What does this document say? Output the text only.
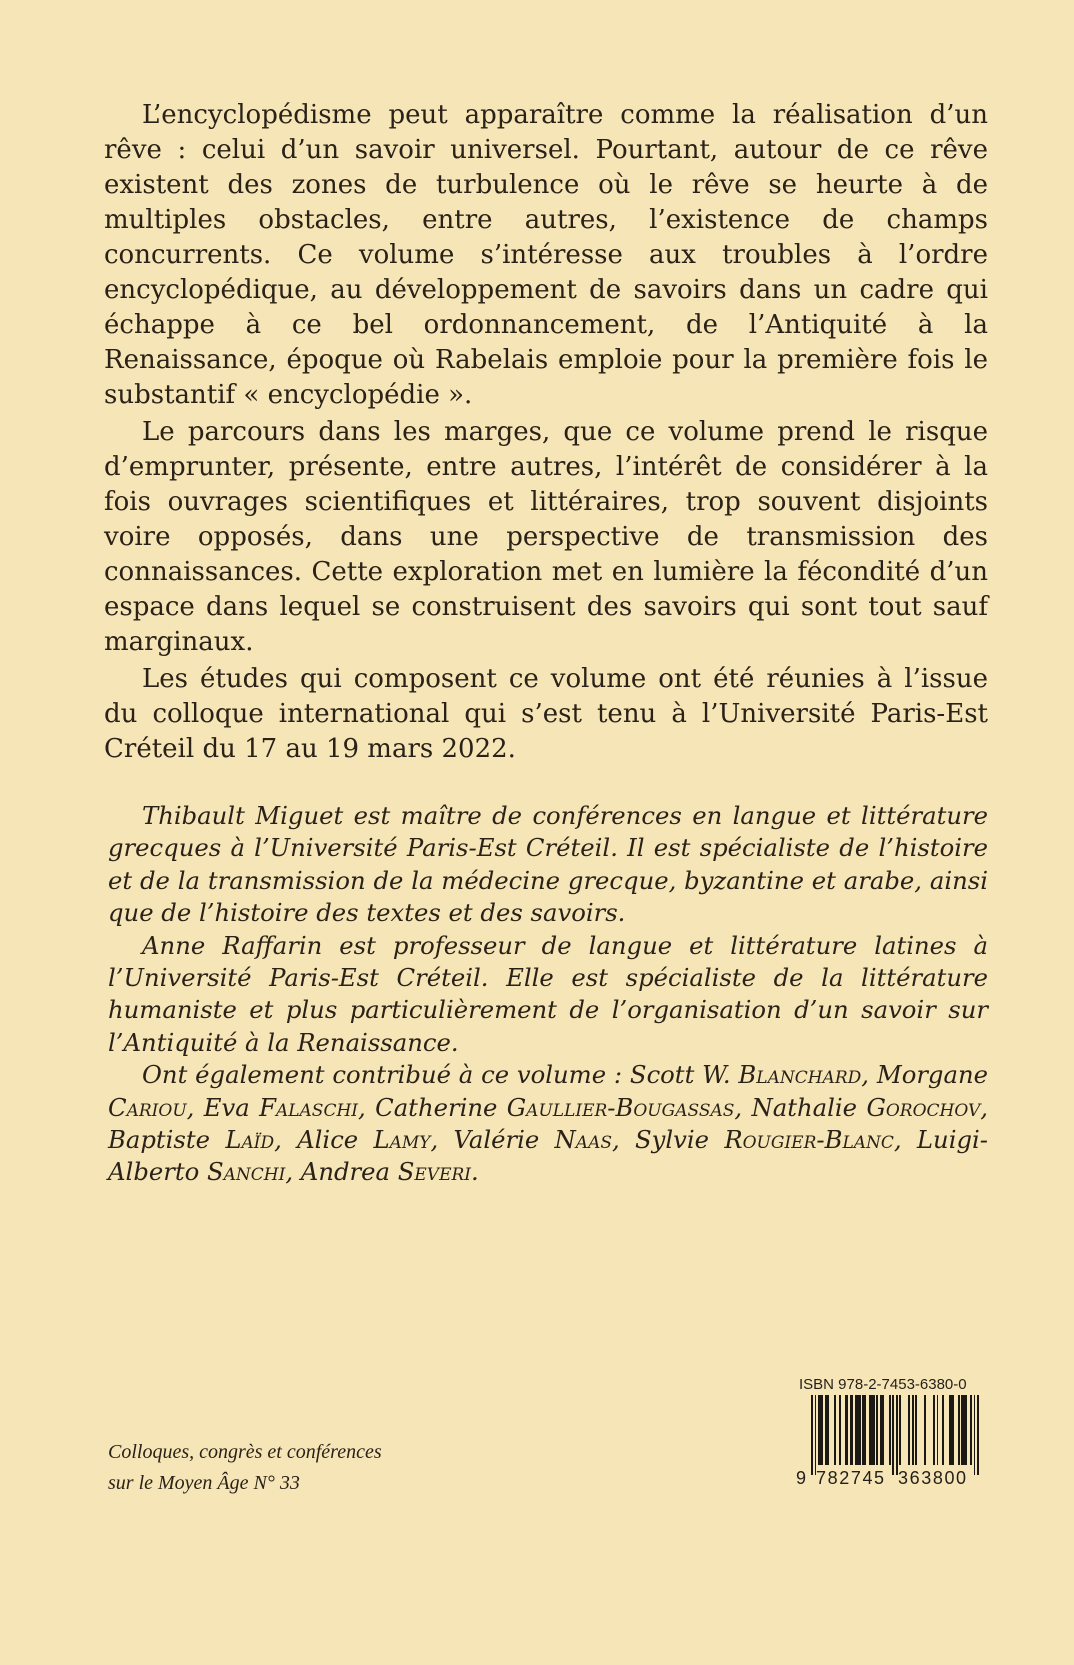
L’encyclopédisme peut apparaître comme la réalisation d’un rêve : celui d’un savoir universel. Pourtant, autour de ce rêve existent des zones de turbulence où le rêve se heurte à de multiples obstacles, entre autres, l’existence de champs concurrents. Ce volume s’intéresse aux troubles à l’ordre encyclopédique, au développement de savoirs dans un cadre qui échappe à ce bel ordonnancement, de l’Antiquité à la Renaissance, époque où Rabelais emploie pour la première fois le substantif « encyclopédie ».

Le parcours dans les marges, que ce volume prend le risque d’emprunter, présente, entre autres, l’intérêt de considérer à la fois ouvrages scientifiques et littéraires, trop souvent disjoints voire opposés, dans une perspective de transmission des connaissances. Cette exploration met en lumière la fécondité d’un espace dans lequel se construisent des savoirs qui sont tout sauf marginaux.

Les études qui composent ce volume ont été réunies à l’issue du colloque international qui s’est tenu à l’Université Paris-Est Créteil du 17 au 19 mars 2022.

Thibault Miguet est maître de conférences en langue et littérature grecques à l’Université Paris-Est Créteil. Il est spécialiste de l’histoire et de la transmission de la médecine grecque, byzantine et arabe, ainsi que de l’histoire des textes et des savoirs.

Anne Raffarin est professeur de langue et littérature latines à l’Université Paris-Est Créteil. Elle est spécialiste de la littérature humaniste et plus particulièrement de l’organisation d’un savoir sur l’Antiquité à la Renaissance.

Ont également contribué à ce volume : Scott W. Blanchard, Morgane Cariou, Eva Falaschi, Catherine Gaullier-Bougassas, Nathalie Gorochov, Baptiste Laïd, Alice Lamy, Valérie Naas, Sylvie Rougier-Blanc, Luigi-Alberto Sanchi, Andrea Severi.

Colloques, congrès et conférences
sur le Moyen Âge N° 33
ISBN 978-2-7453-6380-0
9 782745 363800
